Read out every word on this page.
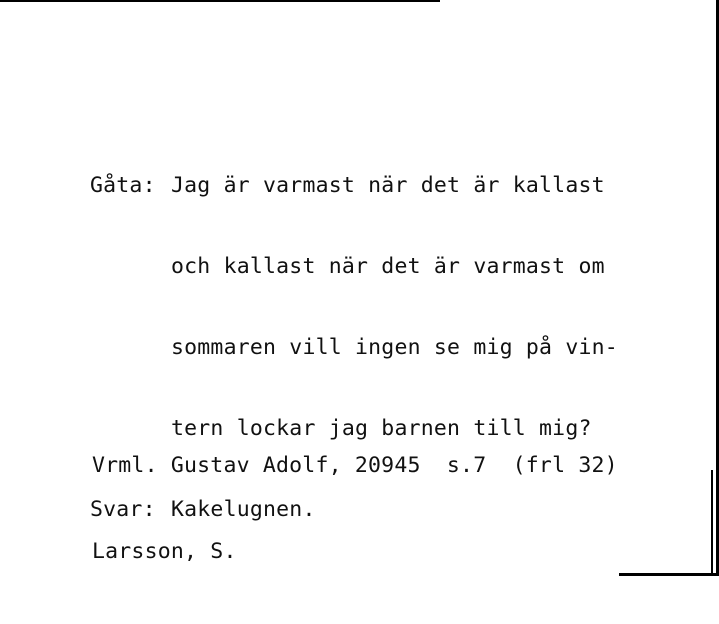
Gåta: Jag är varmast när det är kallast

och kallast när det är varmast om

sommaren vill ingen se mig på vin-

tern lockar jag barnen till mig?

Svar: Kakelugnen.

Vrml. Gustav Adolf, 20945
s.7
(frl 32)

Larsson, S.
